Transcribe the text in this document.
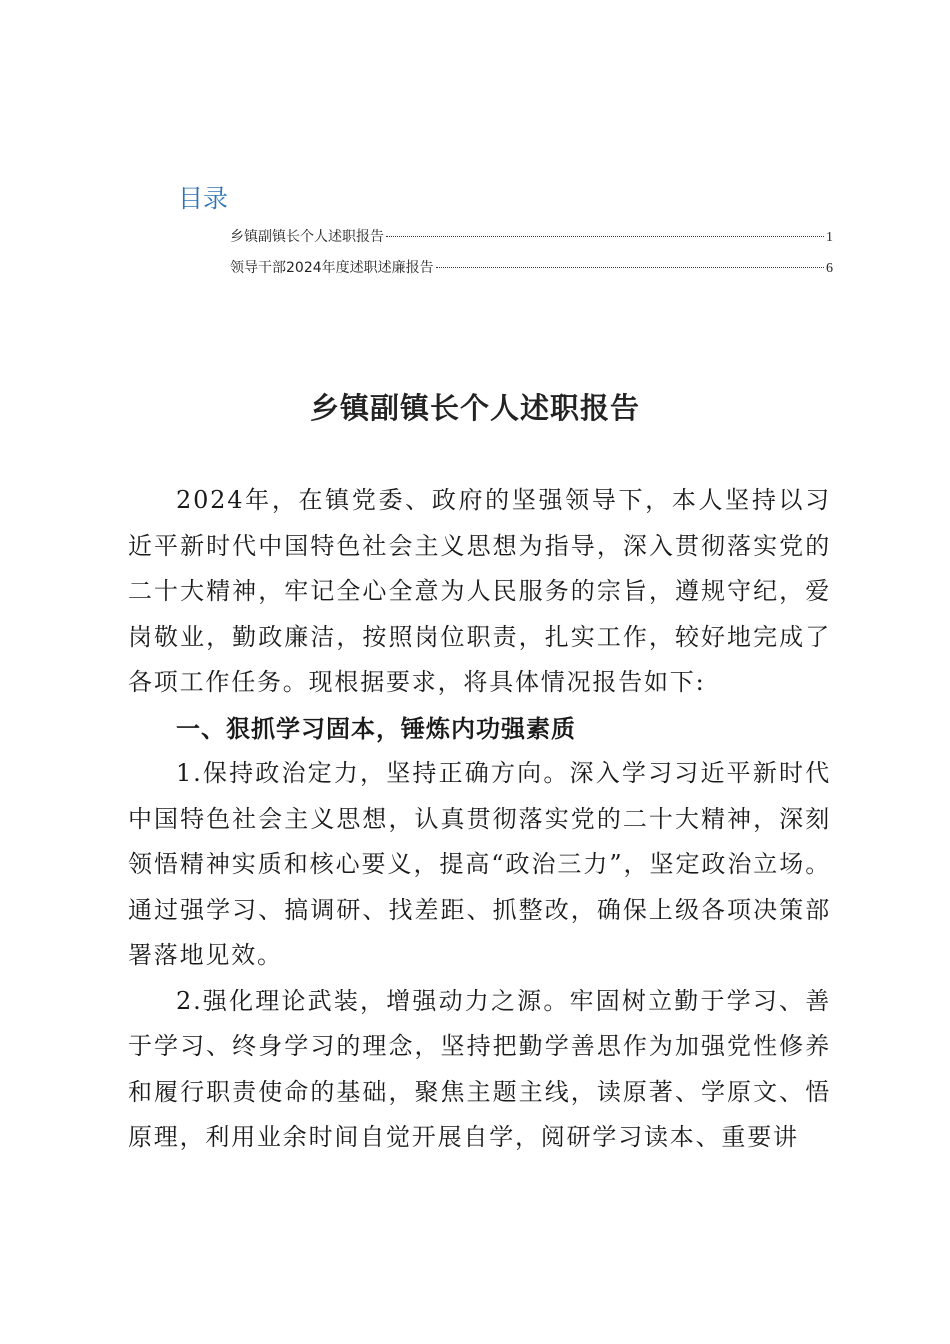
目录
乡镇副镇长个人述职报告	1
领导干部2024年度述职述廉报告	6
乡镇副镇长个人述职报告

2024年，在镇党委、政府的坚强领导下，本人坚持以习近平新时代中国特色社会主义思想为指导，深入贯彻落实党的二十大精神，牢记全心全意为人民服务的宗旨，遵规守纪，爱岗敬业，勤政廉洁，按照岗位职责，扎实工作，较好地完成了各项工作任务。现根据要求，将具体情况报告如下:

一、狠抓学习固本，锤炼内功强素质

1.保持政治定力，坚持正确方向。深入学习习近平新时代中国特色社会主义思想，认真贯彻落实党的二十大精神，深刻领悟精神实质和核心要义，提高“政治三力”，坚定政治立场。通过强学习、搞调研、找差距、抓整改，确保上级各项决策部署落地见效。

2.强化理论武装，增强动力之源。牢固树立勤于学习、善于学习、终身学习的理念，坚持把勤学善思作为加强党性修养和履行职责使命的基础，聚焦主题主线，读原著、学原文、悟原理，利用业余时间自觉开展自学，阅研学习读本、重要讲
